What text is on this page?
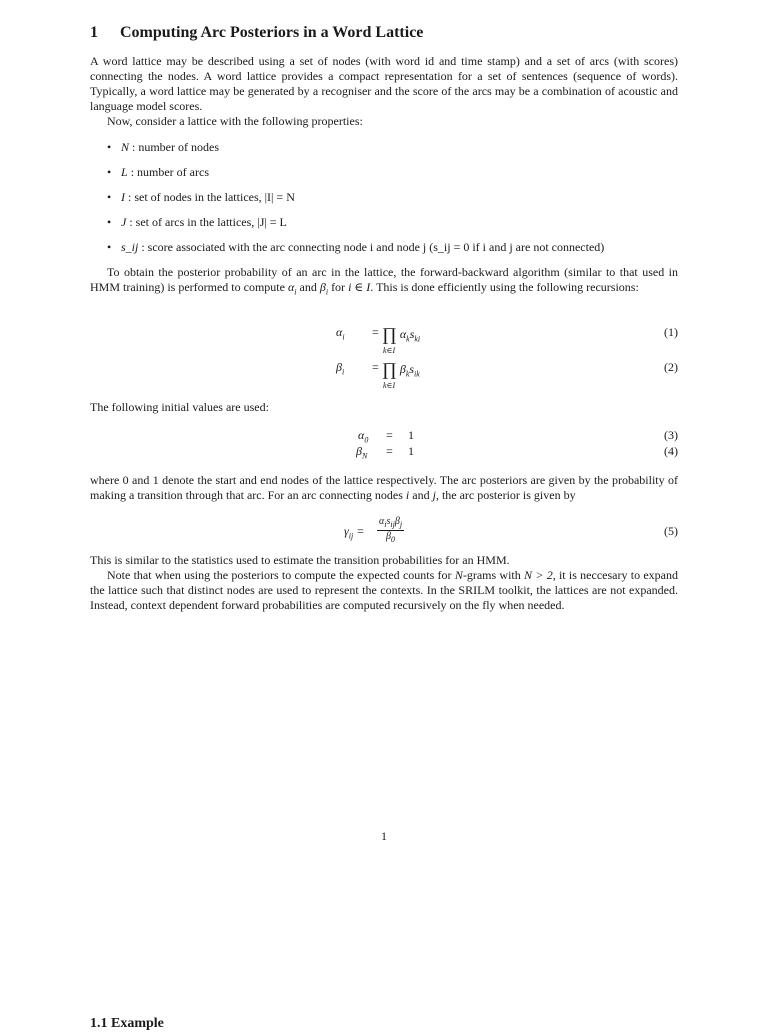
1 Computing Arc Posteriors in a Word Lattice

A word lattice may be described using a set of nodes (with word id and time stamp) and a set of arcs (with scores) connecting the nodes. A word lattice provides a compact representation for a set of sentences (sequence of words). Typically, a word lattice may be generated by a recogniser and the score of the arcs may be a combination of acoustic and language model scores.

Now, consider a lattice with the following properties:

• N : number of nodes
• L : number of arcs
• I : set of nodes in the lattices, |I| = N
• J : set of arcs in the lattices, |J| = L
• s_ij : score associated with the arc connecting node i and node j (s_ij = 0 if i and j are not connected)

To obtain the posterior probability of an arc in the lattice, the forward-backward algorithm (similar to that used in HMM training) is performed to compute $\alpha_i$ and $\beta_i$ for i ∈ I. This is done efficiently using the following recursions:

$\alpha_i$ = ∏ $\alpha_ks_{ki}$
k∈I
(1)
$\beta_i$ = ∏ $\beta_ks_{ik}$
k∈I
(2)

The following initial values are used:

$\alpha_0 = 1$	(3)
$\beta_N = 1$	(4)

where 0 and 1 denote the start and end nodes of the lattice respectively. The arc posteriors are given by the probability of making a transition through that arc. For an arc connecting nodes i and j, the arc posterior is given by

$\gamma_{ij} = \frac{\alpha_is_{ij}\beta_j}{\beta_0}$	(5)

This is similar to the statistics used to estimate the transition probabilities for an HMM.

Note that when using the posteriors to compute the expected counts for N-grams with N > 2, it is neccesary to expand the lattice such that distinct nodes are used to represent the contexts. In the SRILM toolkit, the lattices are not expanded. Instead, context dependent forward probabilities are computed recursively on the fly when needed.

1
1.1 Example
